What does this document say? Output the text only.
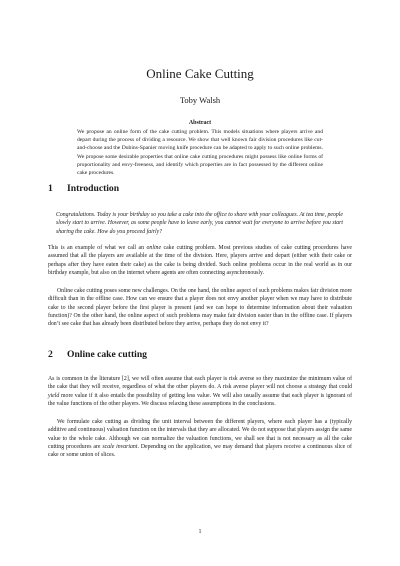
Online Cake Cutting
Toby Walsh
Abstract
We propose an online form of the cake cutting problem. This models situations where players arrive and depart during the process of dividing a resource. We show that well known fair division procedures like cut-and-choose and the Dubins-Spanier moving knife procedure can be adapted to apply to such online problems. We propose some desirable properties that online cake cutting procedures might possess like online forms of proportionality and envy-freeness, and identify which properties are in fact possessed by the different online cake procedures.
1 Introduction
Congratulations. Today is your birthday so you take a cake into the office to share with your colleagues. At tea time, people slowly start to arrive. However, as some people have to leave early, you cannot wait for everyone to arrive before you start sharing the cake. How do you proceed fairly?
This is an example of what we call an online cake cutting problem. Most previous studies of cake cutting procedures have assumed that all the players are available at the time of the division. Here, players arrive and depart (either with their cake or perhaps after they have eaten their cake) as the cake is being divided. Such online problems occur in the real world as in our birthday example, but also on the internet where agents are often connecting asynchronously.
Online cake cutting poses some new challenges. On the one hand, the online aspect of such problems makes fair division more difficult than in the offline case. How can we ensure that a player does not envy another player when we may have to distribute cake to the second player before the first player is present (and we can hope to determine information about their valuation function)? On the other hand, the online aspect of such problems may make fair division easier than in the offline case. If players don’t see cake that has already been distributed before they arrive, perhaps they do not envy it?
2 Online cake cutting
As is common in the literature [2], we will often assume that each player is risk averse so they maximize the minimum value of the cake that they will receive, regardless of what the other players do. A risk averse player will not choose a strategy that could yield more value if it also entails the possibility of getting less value. We will also usually assume that each player is ignorant of the value functions of the other players. We discuss relaxing these assumptions in the conclusions.
We formulate cake cutting as dividing the unit interval between the different players, where each player has a (typically additive and continuous) valuation function on the intervals that they are allocated. We do not suppose that players assign the same value to the whole cake. Although we can normalize the valuation functions, we shall see that is not necessary as all the cake cutting procedures are scale invariant. Depending on the application, we may demand that players receive a continuous slice of cake or some union of slices.
1
